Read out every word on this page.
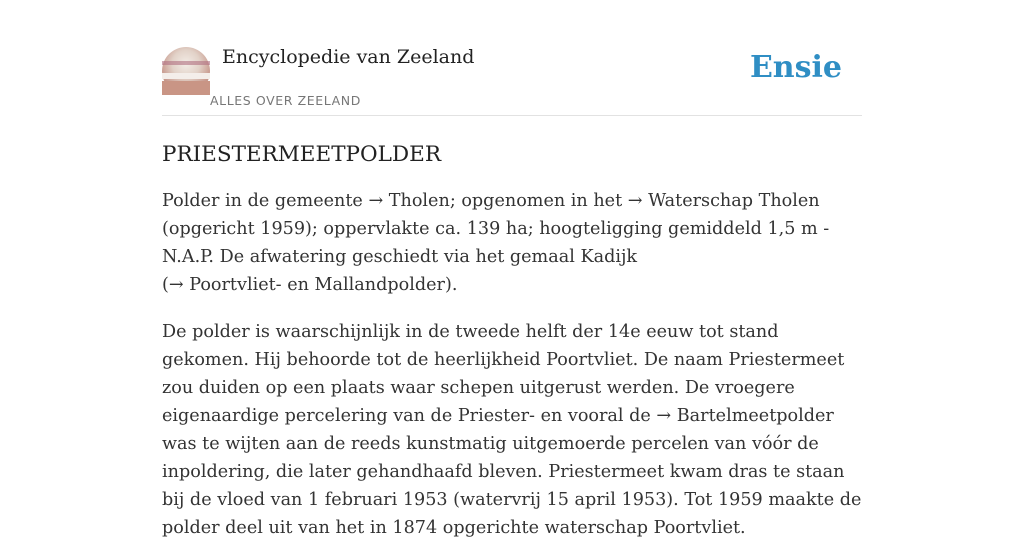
Encyclopedie van Zeeland
ALLES OVER ZEELAND
Ensie
PRIESTERMEETPOLDER

Polder in de gemeente → Tholen; opgenomen in het → Waterschap Tholen (opgericht 1959); oppervlakte ca. 139 ha; hoogteligging gemiddeld 1,5 m - N.A.P. De afwatering geschiedt via het gemaal Kadijk (→ Poortvliet- en Mallandpolder).

De polder is waarschijnlijk in de tweede helft der 14e eeuw tot stand gekomen. Hij behoorde tot de heerlijkheid Poortvliet. De naam Priestermeet zou duiden op een plaats waar schepen uitgerust werden. De vroegere eigenaardige percelering van de Priester- en vooral de → Bartelmeetpolder was te wijten aan de reeds kunstmatig uitgemoerde percelen van vóór de inpoldering, die later gehandhaafd bleven. Priestermeet kwam dras te staan bij de vloed van 1 februari 1953 (watervrij 15 april 1953). Tot 1959 maakte de polder deel uit van het in 1874 opgerichte waterschap Poortvliet.
